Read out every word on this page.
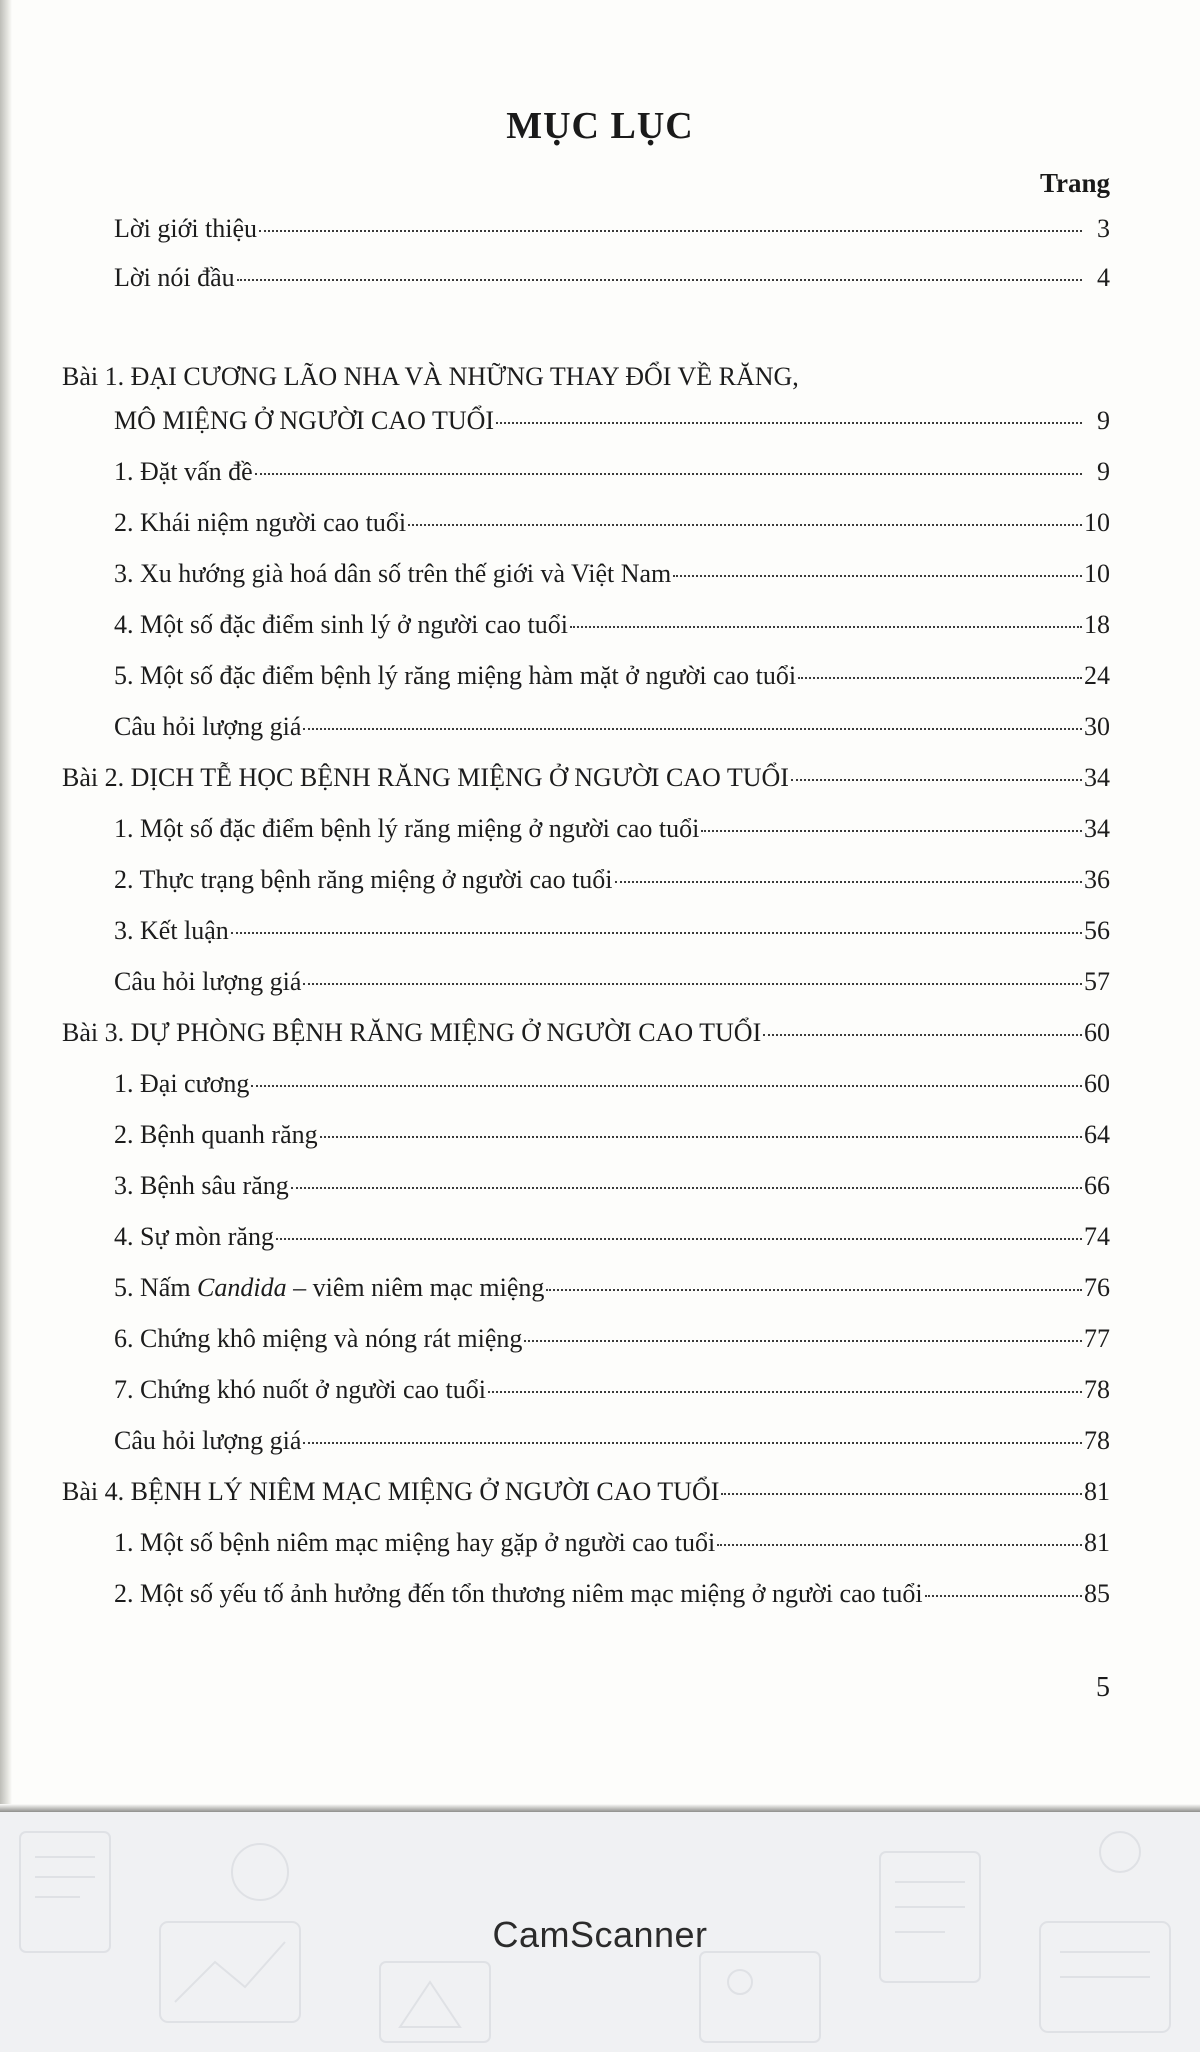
MỤC LỤC
Trang
Lời giới thiệu	3
Lời nói đầu	4
Bài 1. ĐẠI CƯƠNG LÃO NHA VÀ NHỮNG THAY ĐỔI VỀ RĂNG,
MÔ MIỆNG Ở NGƯỜI CAO TUỔI	9
1. Đặt vấn đề	9
2. Khái niệm người cao tuổi	10
3. Xu hướng già hoá dân số trên thế giới và Việt Nam	10
4. Một số đặc điểm sinh lý ở người cao tuổi	18
5. Một số đặc điểm bệnh lý răng miệng hàm mặt ở người cao tuổi	24
Câu hỏi lượng giá	30
Bài 2. DỊCH TỄ HỌC BỆNH RĂNG MIỆNG Ở NGƯỜI CAO TUỔI	34
1. Một số đặc điểm bệnh lý răng miệng ở người cao tuổi	34
2. Thực trạng bệnh răng miệng ở người cao tuổi	36
3. Kết luận	56
Câu hỏi lượng giá	57
Bài 3. DỰ PHÒNG BỆNH RĂNG MIỆNG Ở NGƯỜI CAO TUỔI	60
1. Đại cương	60
2. Bệnh quanh răng	64
3. Bệnh sâu răng	66
4. Sự mòn răng	74
5. Nấm Candida – viêm niêm mạc miệng	76
6. Chứng khô miệng và nóng rát miệng	77
7. Chứng khó nuốt ở người cao tuổi	78
Câu hỏi lượng giá	78
Bài 4. BỆNH LÝ NIÊM MẠC MIỆNG Ở NGƯỜI CAO TUỔI	81
1. Một số bệnh niêm mạc miệng hay gặp ở người cao tuổi	81
2. Một số yếu tố ảnh hưởng đến tổn thương niêm mạc miệng ở người cao tuổi	85
5
CamScanner
